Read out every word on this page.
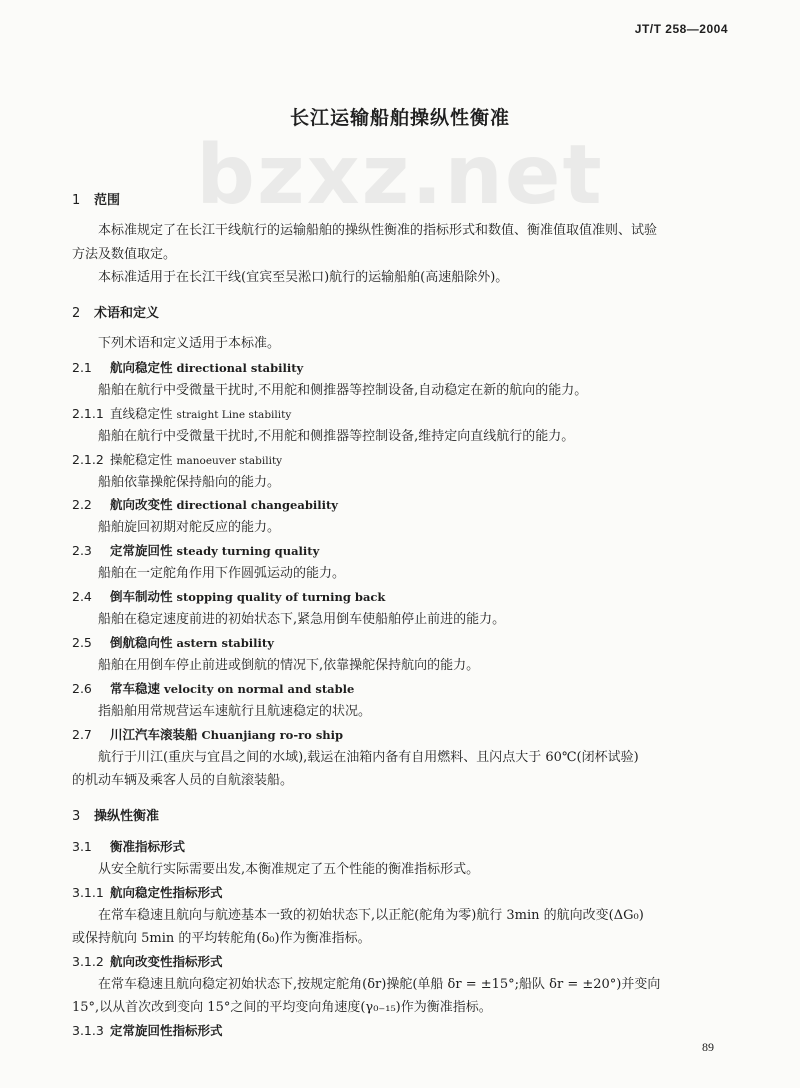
JT/T 258—2004
bzxz.net
长江运输船舶操纵性衡准
1 范围
本标准规定了在长江干线航行的运输船舶的操纵性衡准的指标形式和数值、衡准值取值准则、试验
方法及数值取定。
本标准适用于在长江干线(宜宾至吴淞口)航行的运输船舶(高速船除外)。
2 术语和定义
下列术语和定义适用于本标准。
2.1 航向稳定性 directional stability
船舶在航行中受微量干扰时,不用舵和侧推器等控制设备,自动稳定在新的航向的能力。
2.1.1 直线稳定性 straight Line stability
船舶在航行中受微量干扰时,不用舵和侧推器等控制设备,维持定向直线航行的能力。
2.1.2 操舵稳定性 manoeuver stability
船舶依靠操舵保持船向的能力。
2.2 航向改变性 directional changeability
船舶旋回初期对舵反应的能力。
2.3 定常旋回性 steady turning quality
船舶在一定舵角作用下作圆弧运动的能力。
2.4 倒车制动性 stopping quality of turning back
船舶在稳定速度前进的初始状态下,紧急用倒车使船舶停止前进的能力。
2.5 倒航稳向性 astern stability
船舶在用倒车停止前进或倒航的情况下,依靠操舵保持航向的能力。
2.6 常车稳速 velocity on normal and stable
指船舶用常规营运车速航行且航速稳定的状况。
2.7 川江汽车滚装船 Chuanjiang ro-ro ship
航行于川江(重庆与宜昌之间的水域),载运在油箱内备有自用燃料、且闪点大于 60℃(闭杯试验)
的机动车辆及乘客人员的自航滚装船。
3 操纵性衡准
3.1 衡准指标形式
从安全航行实际需要出发,本衡准规定了五个性能的衡准指标形式。
3.1.1 航向稳定性指标形式
在常车稳速且航向与航迹基本一致的初始状态下,以正舵(舵角为零)航行 3min 的航向改变(ΔG₀)
或保持航向 5min 的平均转舵角(δ₀)作为衡准指标。
3.1.2 航向改变性指标形式
在常车稳速且航向稳定初始状态下,按规定舵角(δr)操舵(单船 δr = ±15°;船队 δr = ±20°)并变向
15°,以从首次改到变向 15°之间的平均变向角速度(γ₀₋₁₅)作为衡准指标。
3.1.3 定常旋回性指标形式
89
